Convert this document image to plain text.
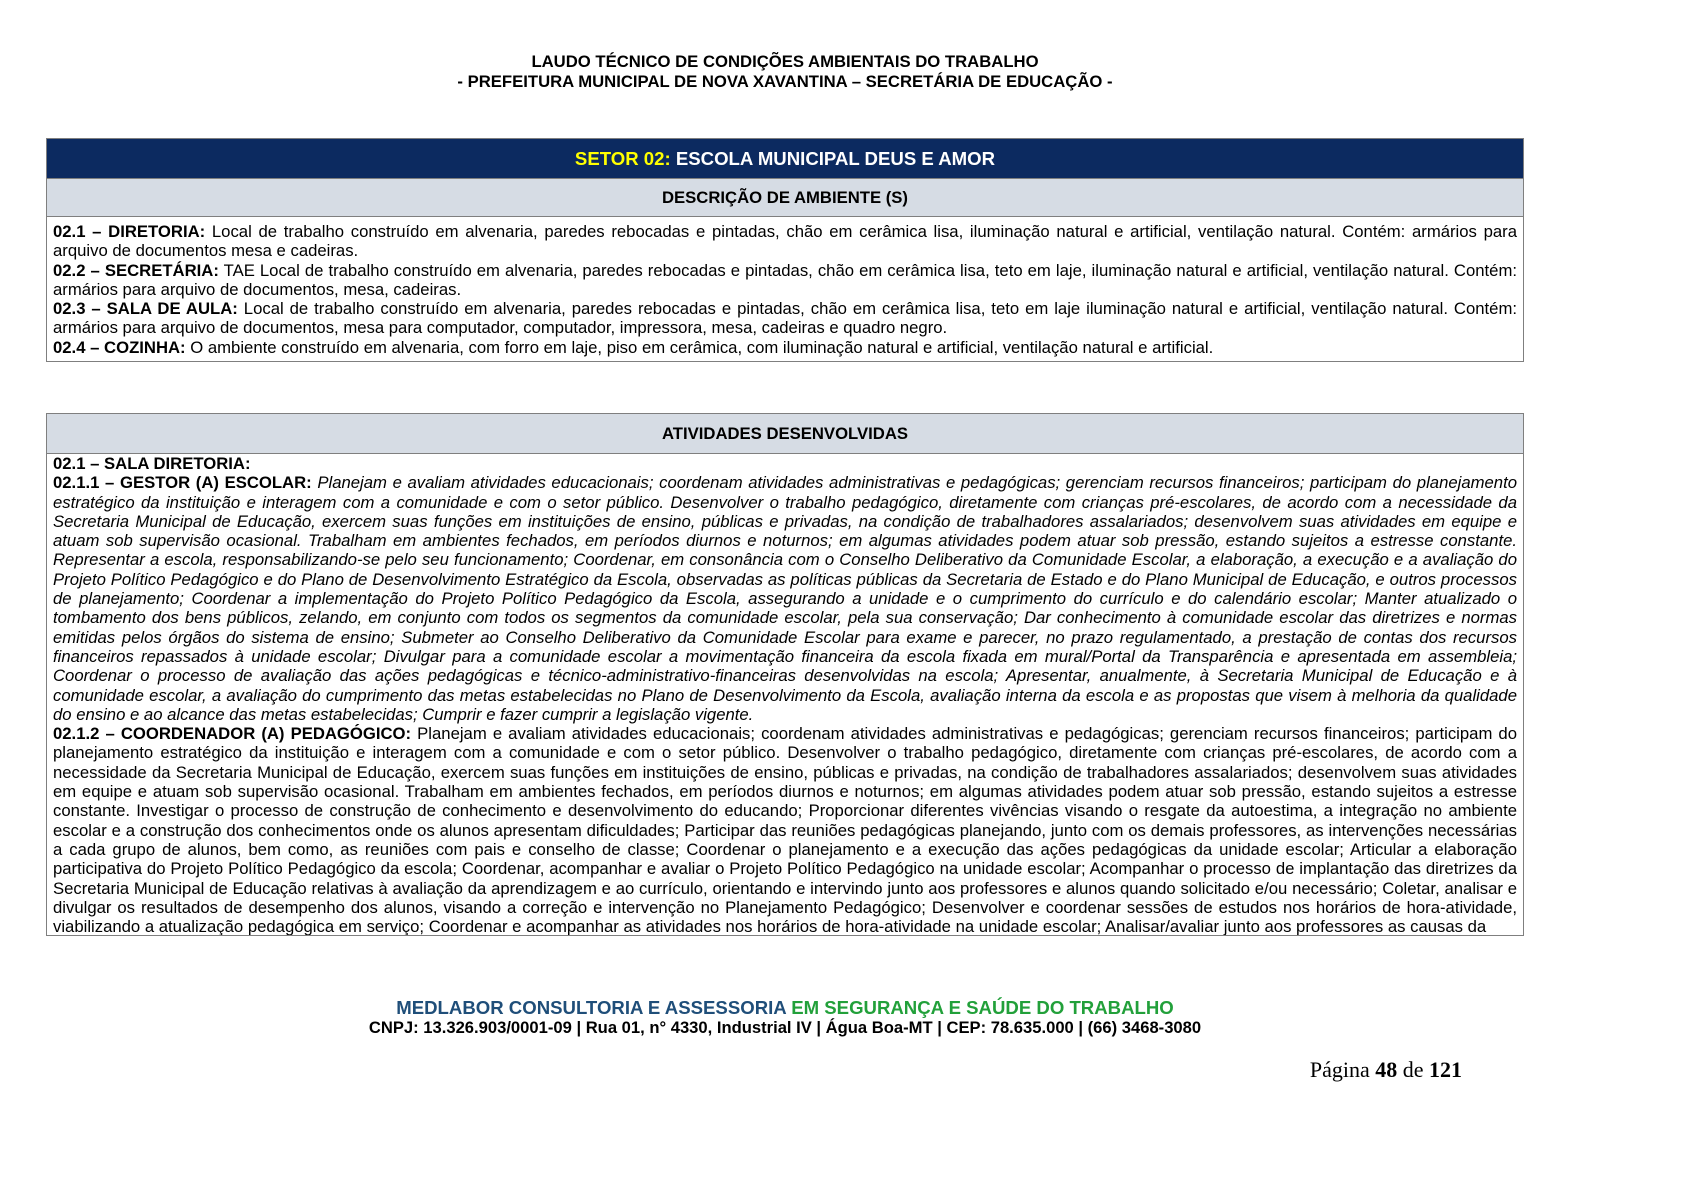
LAUDO TÉCNICO DE CONDIÇÕES AMBIENTAIS DO TRABALHO
- PREFEITURA MUNICIPAL DE NOVA XAVANTINA – SECRETÁRIA DE EDUCAÇÃO -
SETOR 02: ESCOLA MUNICIPAL DEUS E AMOR
DESCRIÇÃO DE AMBIENTE (S)

02.1 – DIRETORIA: Local de trabalho construído em alvenaria, paredes rebocadas e pintadas, chão em cerâmica lisa, iluminação natural e artificial, ventilação natural. Contém: armários para arquivo de documentos mesa e cadeiras.

02.2 – SECRETÁRIA: TAE Local de trabalho construído em alvenaria, paredes rebocadas e pintadas, chão em cerâmica lisa, teto em laje, iluminação natural e artificial, ventilação natural. Contém: armários para arquivo de documentos, mesa, cadeiras.

02.3 – SALA DE AULA: Local de trabalho construído em alvenaria, paredes rebocadas e pintadas, chão em cerâmica lisa, teto em laje iluminação natural e artificial, ventilação natural. Contém: armários para arquivo de documentos, mesa para computador, computador, impressora, mesa, cadeiras e quadro negro.

02.4 – COZINHA: O ambiente construído em alvenaria, com forro em laje, piso em cerâmica, com iluminação natural e artificial, ventilação natural e artificial.

ATIVIDADES DESENVOLVIDAS

02.1 – SALA DIRETORIA:

02.1.1 – GESTOR (A) ESCOLAR: Planejam e avaliam atividades educacionais; coordenam atividades administrativas e pedagógicas; gerenciam recursos financeiros; participam do planejamento estratégico da instituição e interagem com a comunidade e com o setor público. Desenvolver o trabalho pedagógico, diretamente com crianças pré-escolares, de acordo com a necessidade da Secretaria Municipal de Educação, exercem suas funções em instituições de ensino, públicas e privadas, na condição de trabalhadores assalariados; desenvolvem suas atividades em equipe e atuam sob supervisão ocasional. Trabalham em ambientes fechados, em períodos diurnos e noturnos; em algumas atividades podem atuar sob pressão, estando sujeitos a estresse constante. Representar a escola, responsabilizando-se pelo seu funcionamento; Coordenar, em consonância com o Conselho Deliberativo da Comunidade Escolar, a elaboração, a execução e a avaliação do Projeto Político Pedagógico e do Plano de Desenvolvimento Estratégico da Escola, observadas as políticas públicas da Secretaria de Estado e do Plano Municipal de Educação, e outros processos de planejamento; Coordenar a implementação do Projeto Político Pedagógico da Escola, assegurando a unidade e o cumprimento do currículo e do calendário escolar; Manter atualizado o tombamento dos bens públicos, zelando, em conjunto com todos os segmentos da comunidade escolar, pela sua conservação; Dar conhecimento à comunidade escolar das diretrizes e normas emitidas pelos órgãos do sistema de ensino; Submeter ao Conselho Deliberativo da Comunidade Escolar para exame e parecer, no prazo regulamentado, a prestação de contas dos recursos financeiros repassados à unidade escolar; Divulgar para a comunidade escolar a movimentação financeira da escola fixada em mural/Portal da Transparência e apresentada em assembleia; Coordenar o processo de avaliação das ações pedagógicas e técnico-administrativo-financeiras desenvolvidas na escola; Apresentar, anualmente, à Secretaria Municipal de Educação e à comunidade escolar, a avaliação do cumprimento das metas estabelecidas no Plano de Desenvolvimento da Escola, avaliação interna da escola e as propostas que visem à melhoria da qualidade do ensino e ao alcance das metas estabelecidas; Cumprir e fazer cumprir a legislação vigente.

02.1.2 – COORDENADOR (A) PEDAGÓGICO: Planejam e avaliam atividades educacionais; coordenam atividades administrativas e pedagógicas; gerenciam recursos financeiros; participam do planejamento estratégico da instituição e interagem com a comunidade e com o setor público. Desenvolver o trabalho pedagógico, diretamente com crianças pré-escolares, de acordo com a necessidade da Secretaria Municipal de Educação, exercem suas funções em instituições de ensino, públicas e privadas, na condição de trabalhadores assalariados; desenvolvem suas atividades em equipe e atuam sob supervisão ocasional. Trabalham em ambientes fechados, em períodos diurnos e noturnos; em algumas atividades podem atuar sob pressão, estando sujeitos a estresse constante. Investigar o processo de construção de conhecimento e desenvolvimento do educando; Proporcionar diferentes vivências visando o resgate da autoestima, a integração no ambiente escolar e a construção dos conhecimentos onde os alunos apresentam dificuldades; Participar das reuniões pedagógicas planejando, junto com os demais professores, as intervenções necessárias a cada grupo de alunos, bem como, as reuniões com pais e conselho de classe; Coordenar o planejamento e a execução das ações pedagógicas da unidade escolar; Articular a elaboração participativa do Projeto Político Pedagógico da escola; Coordenar, acompanhar e avaliar o Projeto Político Pedagógico na unidade escolar; Acompanhar o processo de implantação das diretrizes da Secretaria Municipal de Educação relativas à avaliação da aprendizagem e ao currículo, orientando e intervindo junto aos professores e alunos quando solicitado e/ou necessário; Coletar, analisar e divulgar os resultados de desempenho dos alunos, visando a correção e intervenção no Planejamento Pedagógico; Desenvolver e coordenar sessões de estudos nos horários de hora-atividade, viabilizando a atualização pedagógica em serviço; Coordenar e acompanhar as atividades nos horários de hora-atividade na unidade escolar; Analisar/avaliar junto aos professores as causas da

MEDLABOR CONSULTORIA E ASSESSORIA EM SEGURANÇA E SAÚDE DO TRABALHO
CNPJ: 13.326.903/0001-09 | Rua 01, n° 4330, Industrial IV | Água Boa-MT | CEP: 78.635.000 | (66) 3468-3080
Página 48 de 121
